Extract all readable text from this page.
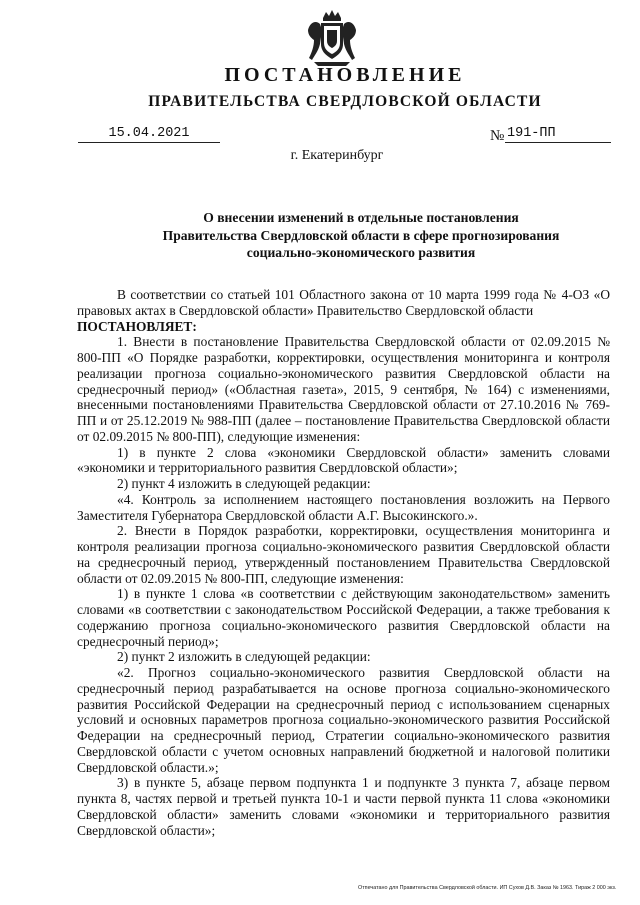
ПОСТАНОВЛЕНИЕ
ПРАВИТЕЛЬСТВА СВЕРДЛОВСКОЙ ОБЛАСТИ
15.04.2021	№ 191-ПП
г. Екатеринбург
О внесении изменений в отдельные постановления
Правительства Свердловской области в сфере прогнозирования
социально-экономического развития

В соответствии со статьей 101 Областного закона от 10 марта 1999 года № 4-ОЗ «О правовых актах в Свердловской области» Правительство Свердловской области

ПОСТАНОВЛЯЕТ:

1. Внести в постановление Правительства Свердловской области от 02.09.2015 № 800-ПП «О Порядке разработки, корректировки, осуществления мониторинга и контроля реализации прогноза социально-экономического развития Свердловской области на среднесрочный период» («Областная газета», 2015, 9 сентября, № 164) с изменениями, внесенными постановлениями Правительства Свердловской области от 27.10.2016 № 769-ПП и от 25.12.2019 № 988-ПП (далее – постановление Правительства Свердловской области от 02.09.2015 № 800-ПП), следующие изменения:

1) в пункте 2 слова «экономики Свердловской области» заменить словами «экономики и территориального развития Свердловской области»;

2) пункт 4 изложить в следующей редакции:

«4. Контроль за исполнением настоящего постановления возложить на Первого Заместителя Губернатора Свердловской области А.Г. Высокинского.».

2. Внести в Порядок разработки, корректировки, осуществления мониторинга и контроля реализации прогноза социально-экономического развития Свердловской области на среднесрочный период, утвержденный постановлением Правительства Свердловской области от 02.09.2015 № 800-ПП, следующие изменения:

1) в пункте 1 слова «в соответствии с действующим законодательством» заменить словами «в соответствии с законодательством Российской Федерации, а также требования к содержанию прогноза социально-экономического развития Свердловской области на среднесрочный период»;

2) пункт 2 изложить в следующей редакции:

«2. Прогноз социально-экономического развития Свердловской области на среднесрочный период разрабатывается на основе прогноза социально-экономического развития Российской Федерации на среднесрочный период с использованием сценарных условий и основных параметров прогноза социально-экономического развития Российской Федерации на среднесрочный период, Стратегии социально-экономического развития Свердловской области с учетом основных направлений бюджетной и налоговой политики Свердловской области.»;

3) в пункте 5, абзаце первом подпункта 1 и подпункте 3 пункта 7, абзаце первом пункта 8, частях первой и третьей пункта 10-1 и части первой пункта 11 слова «экономики Свердловской области» заменить словами «экономики и территориального развития Свердловской области»;

Отпечатано для Правительства Свердловской области. ИП Сухов Д.В. Заказ № 1963. Тираж 2 000 экз.
